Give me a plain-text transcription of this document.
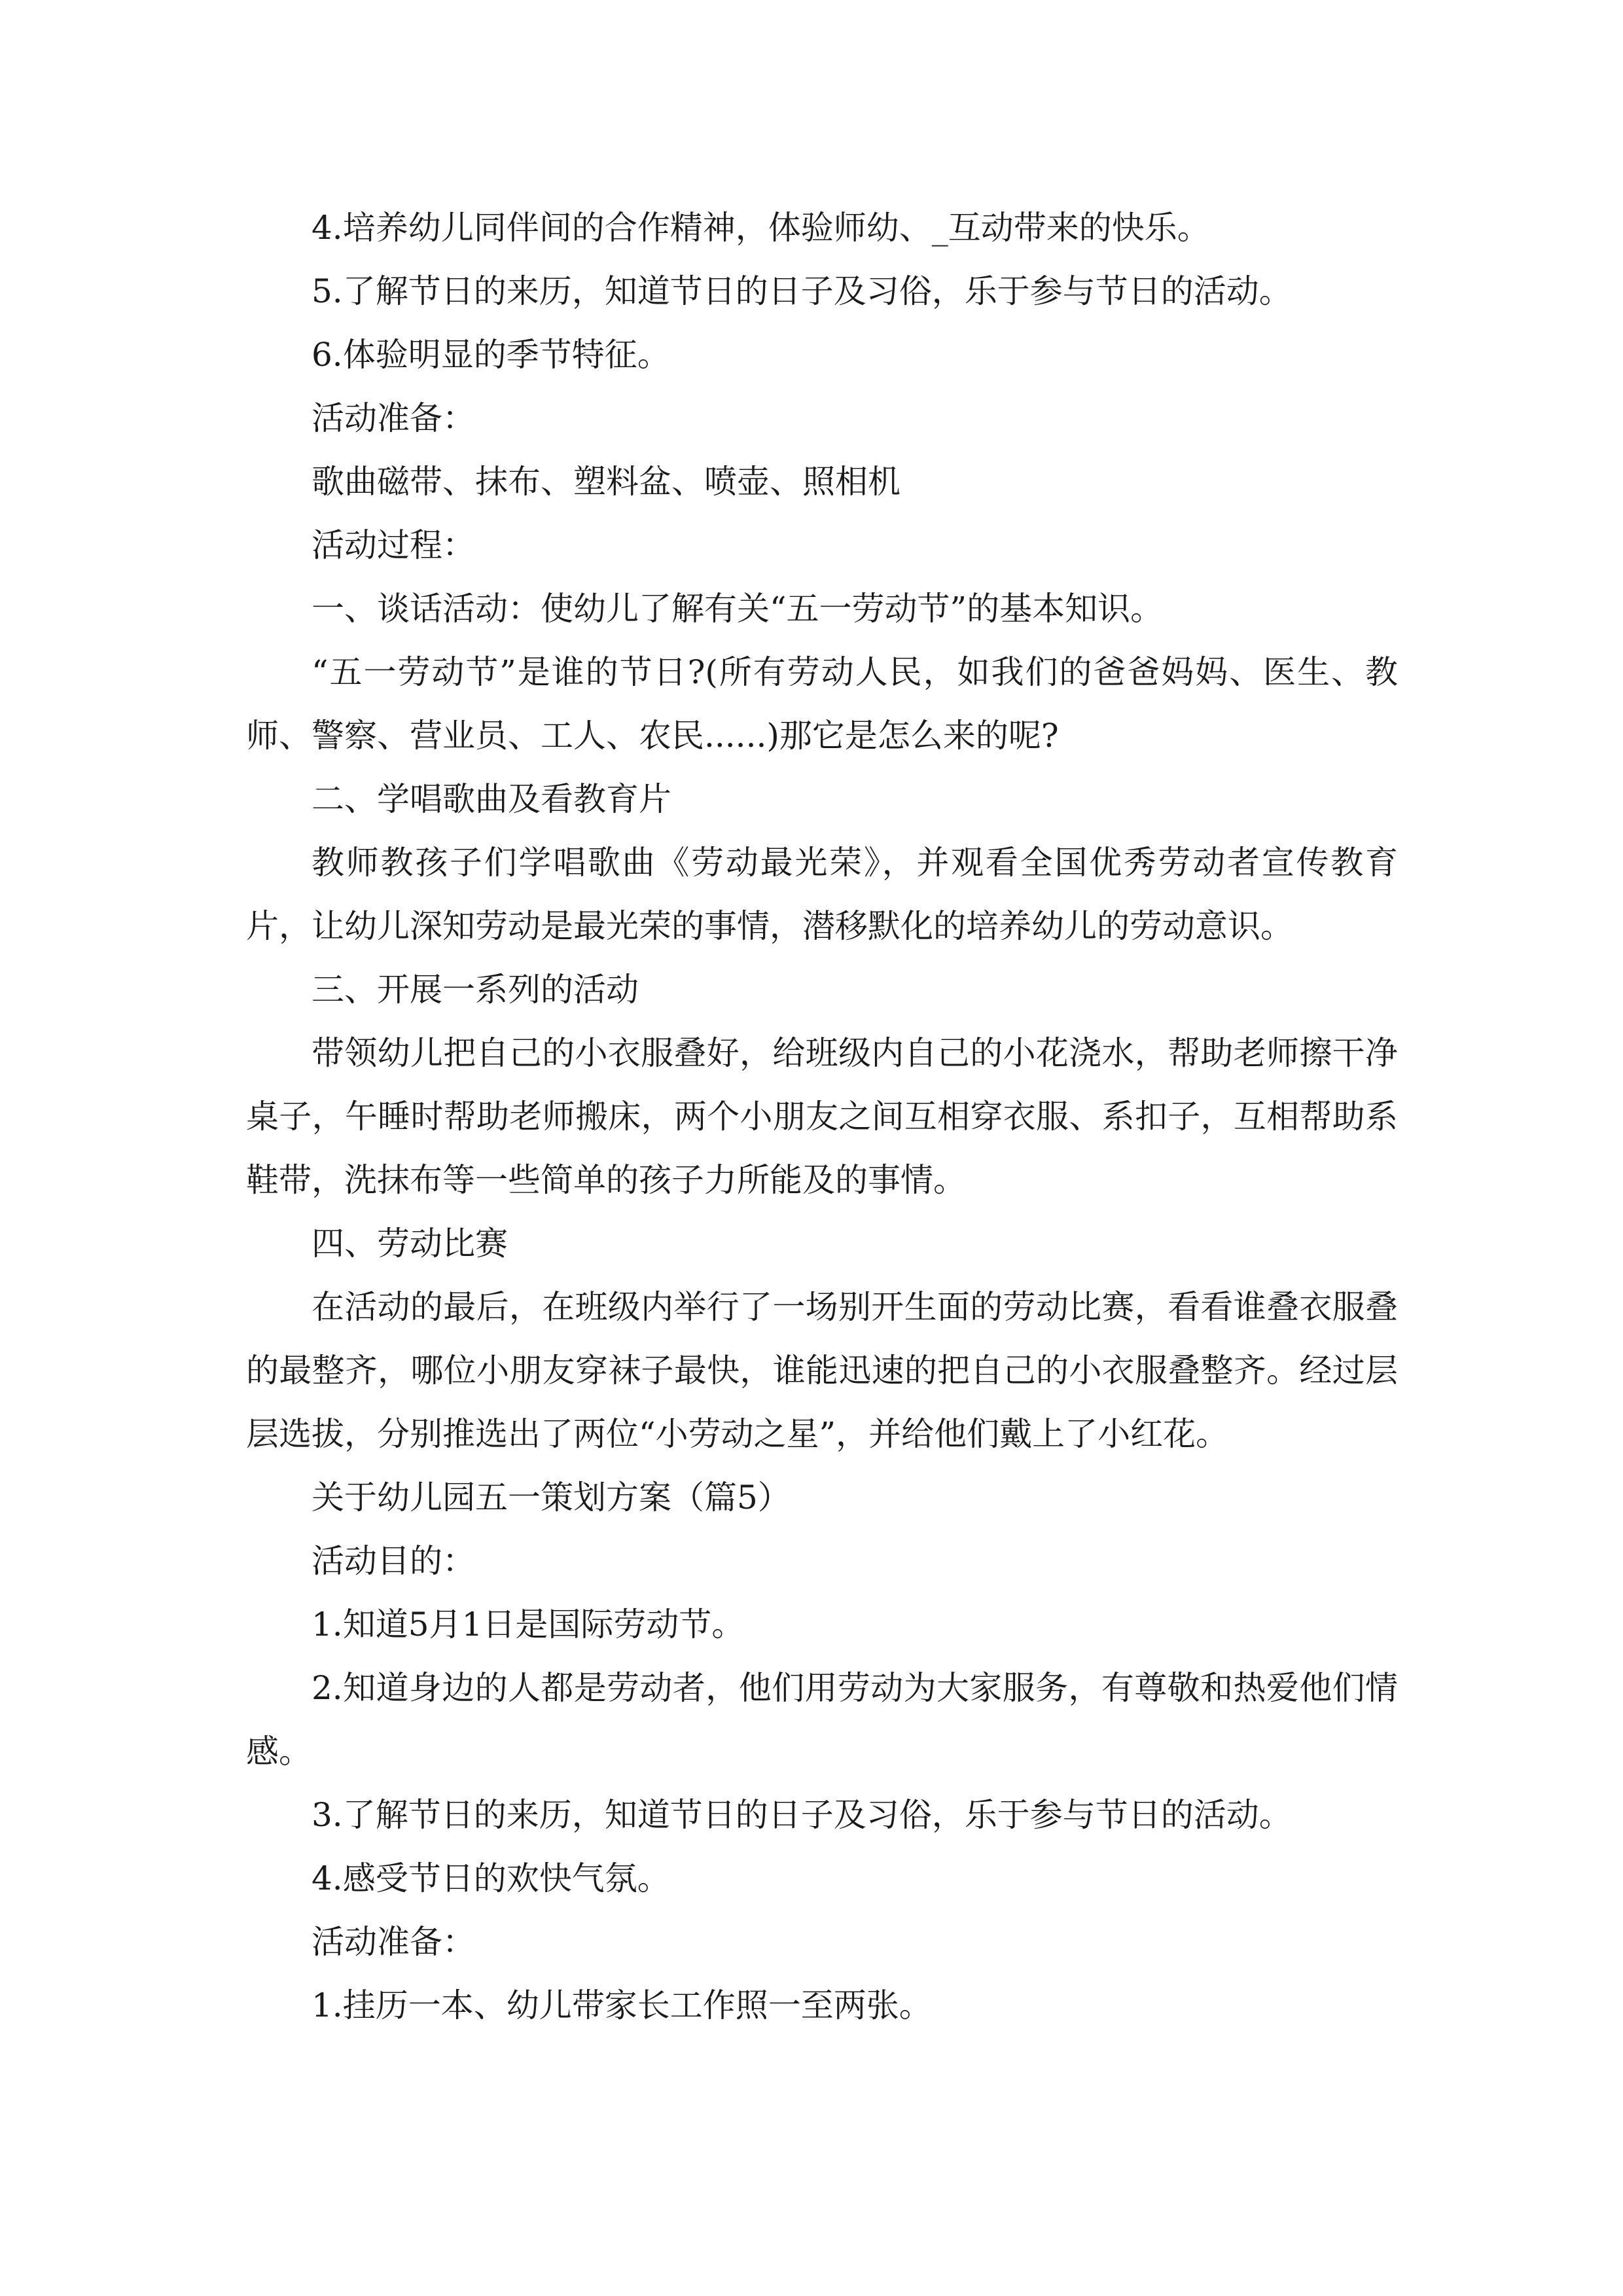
4.培养幼儿同伴间的合作精神，体验师幼、_互动带来的快乐。

5.了解节日的来历，知道节日的日子及习俗，乐于参与节日的活动。

6.体验明显的季节特征。

活动准备：

歌曲磁带、抹布、塑料盆、喷壶、照相机

活动过程：

一、谈话活动：使幼儿了解有关“五一劳动节”的基本知识。

“五一劳动节”是谁的节日?(所有劳动人民，如我们的爸爸妈妈、医生、教师、警察、营业员、工人、农民......)那它是怎么来的呢?

二、学唱歌曲及看教育片

教师教孩子们学唱歌曲《劳动最光荣》，并观看全国优秀劳动者宣传教育片，让幼儿深知劳动是最光荣的事情，潜移默化的培养幼儿的劳动意识。

三、开展一系列的活动

带领幼儿把自己的小衣服叠好，给班级内自己的小花浇水，帮助老师擦干净桌子，午睡时帮助老师搬床，两个小朋友之间互相穿衣服、系扣子，互相帮助系鞋带，洗抹布等一些简单的孩子力所能及的事情。

四、劳动比赛

在活动的最后，在班级内举行了一场别开生面的劳动比赛，看看谁叠衣服叠的最整齐，哪位小朋友穿袜子最快，谁能迅速的把自己的小衣服叠整齐。经过层层选拔，分别推选出了两位“小劳动之星”，并给他们戴上了小红花。

关于幼儿园五一策划方案（篇5）

活动目的：

1.知道5月1日是国际劳动节。

2.知道身边的人都是劳动者，他们用劳动为大家服务，有尊敬和热爱他们情感。

3.了解节日的来历，知道节日的日子及习俗，乐于参与节日的活动。

4.感受节日的欢快气氛。

活动准备：

1.挂历一本、幼儿带家长工作照一至两张。
